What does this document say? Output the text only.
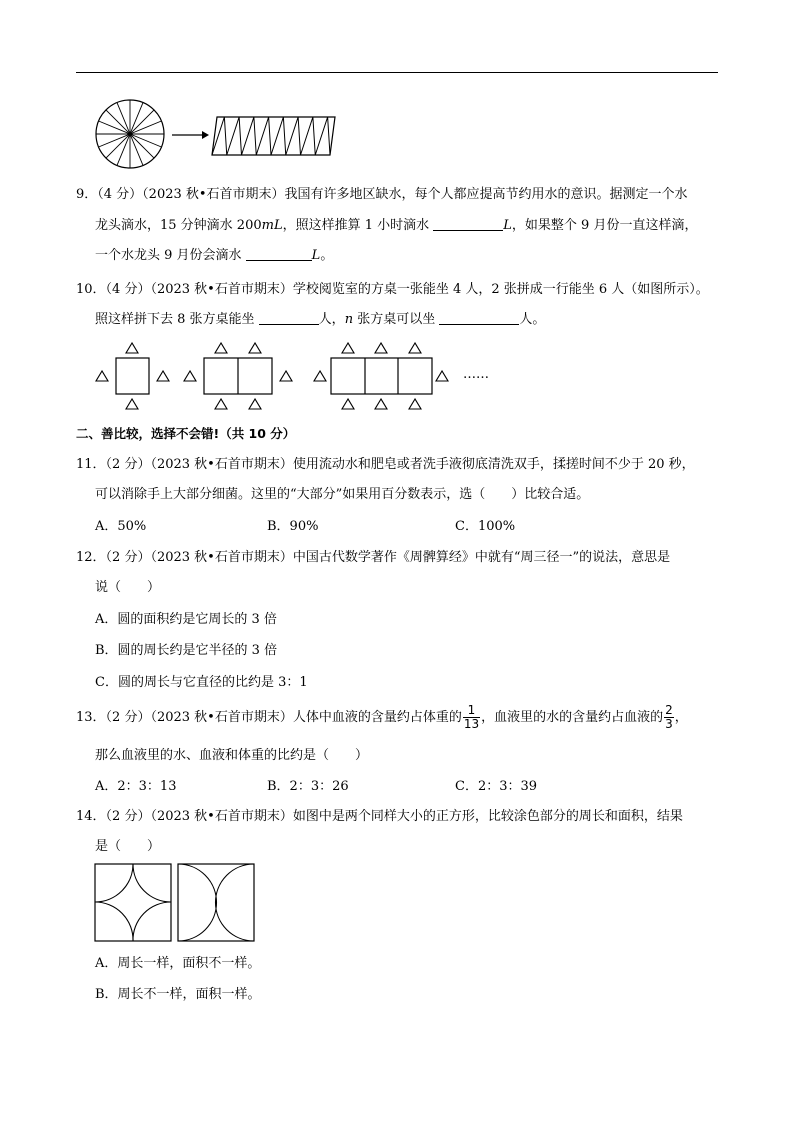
9．（4 分）（2023 秋•石首市期末）我国有许多地区缺水，每个人都应提高节约用水的意识。据测定一个水
龙头滴水，15 分钟滴水 200mL，照这样推算 1 小时滴水	L，如果整个 9 月份一直这样滴，
一个水龙头 9 月份会滴水	L。
10．（4 分）（2023 秋•石首市期末）学校阅览室的方桌一张能坐 4 人，2 张拼成一行能坐 6 人（如图所示）。
照这样拼下去 8 张方桌能坐	人，n 张方桌可以坐	人。
……
二、善比较，选择不会错!（共 10 分）
11．（2 分）（2023 秋•石首市期末）使用流动水和肥皂或者洗手液彻底清洗双手，揉搓时间不少于 20 秒，
可以消除手上大部分细菌。这里的“大部分”如果用百分数表示，选（　　）比较合适。
A．50%	B．90%	C．100%
12．（2 分）（2023 秋•石首市期末）中国古代数学著作《周髀算经》中就有“周三径一”的说法，意思是
说（　　）
A．圆的面积约是它周长的 3 倍
B．圆的周长约是它半径的 3 倍
C．圆的周长与它直径的比约是 3：1
13．（2 分）（2023 秋•石首市期末）人体中血液的含量约占体重的 $\frac{1}{13}$ ，血液里的水的含量约占血液的 $\frac{2}{3}$ ，
那么血液里的水、血液和体重的比约是（　　）
A．2：3：13	B．2：3：26	C．2：3：39
14．（2 分）（2023 秋•石首市期末）如图中是两个同样大小的正方形，比较涂色部分的周长和面积，结果
是（　　）
A．周长一样，面积不一样。
B．周长不一样，面积一样。
